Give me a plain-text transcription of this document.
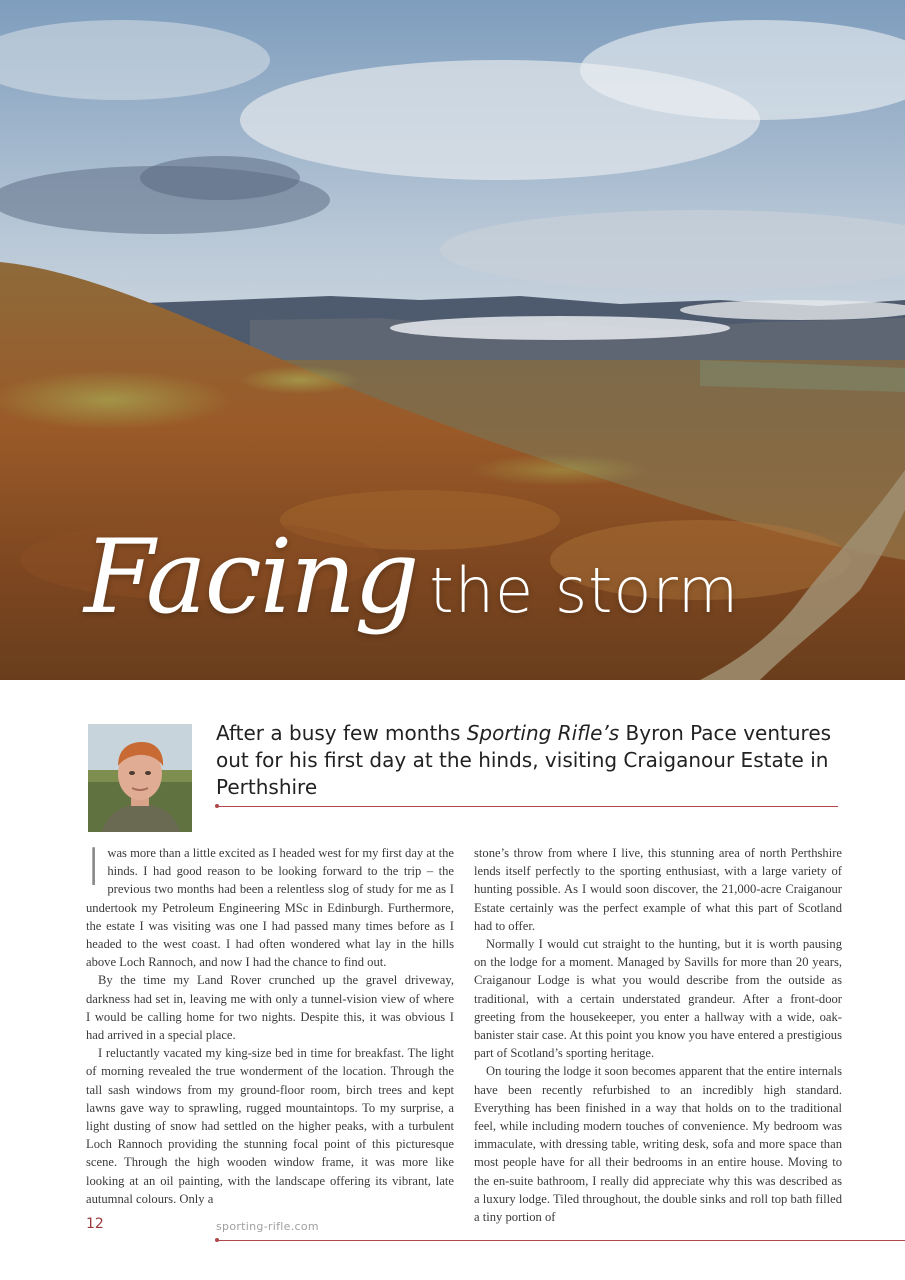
Facing the storm
After a busy few months Sporting Rifle’s Byron Pace ventures out for his first day at the hinds, visiting Craiganour Estate in Perthshire
I was more than a little excited as I headed west for my first day at the hinds. I had good reason to be looking forward to the trip – the previous two months had been a relentless slog of study for me as I undertook my Petroleum Engineering MSc in Edinburgh. Furthermore, the estate I was visiting was one I had passed many times before as I headed to the west coast. I had often wondered what lay in the hills above Loch Rannoch, and now I had the chance to find out.

By the time my Land Rover crunched up the gravel driveway, darkness had set in, leaving me with only a tunnel-vision view of where I would be calling home for two nights. Despite this, it was obvious I had arrived in a special place.

I reluctantly vacated my king-size bed in time for breakfast. The light of morning revealed the true wonderment of the location. Through the tall sash windows from my ground-floor room, birch trees and kept lawns gave way to sprawling, rugged mountaintops. To my surprise, a light dusting of snow had settled on the higher peaks, with a turbulent Loch Rannoch providing the stunning focal point of this picturesque scene. Through the high wooden window frame, it was more like looking at an oil painting, with the landscape offering its vibrant, late autumnal colours. Only a

stone’s throw from where I live, this stunning area of north Perthshire lends itself perfectly to the sporting enthusiast, with a large variety of hunting possible. As I would soon discover, the 21,000-acre Craiganour Estate certainly was the perfect example of what this part of Scotland had to offer.

Normally I would cut straight to the hunting, but it is worth pausing on the lodge for a moment. Managed by Savills for more than 20 years, Craiganour Lodge is what you would describe from the outside as traditional, with a certain understated grandeur. After a front-door greeting from the housekeeper, you enter a hallway with a wide, oak-banister stair case. At this point you know you have entered a prestigious part of Scotland’s sporting heritage.

On touring the lodge it soon becomes apparent that the entire internals have been recently refurbished to an incredibly high standard. Everything has been finished in a way that holds on to the traditional feel, while including modern touches of convenience. My bedroom was immaculate, with dressing table, writing desk, sofa and more space than most people have for all their bedrooms in an entire house. Moving to the en-suite bathroom, I really did appreciate why this was described as a luxury lodge. Tiled throughout, the double sinks and roll top bath filled a tiny portion of

12	sporting-rifle.com
